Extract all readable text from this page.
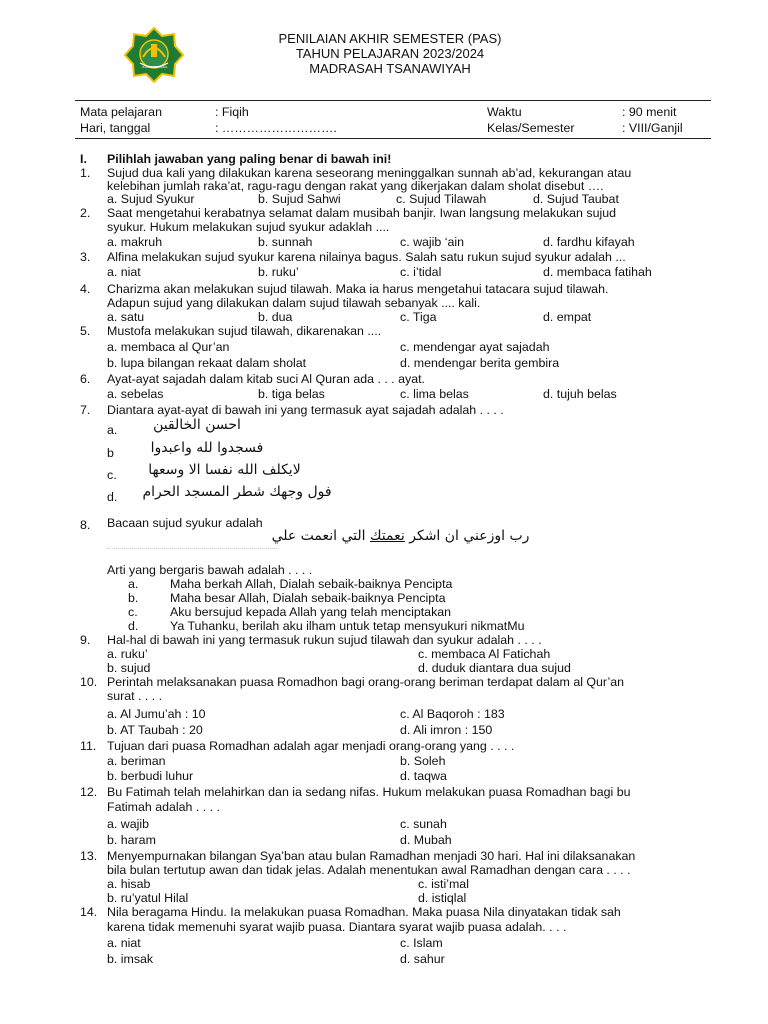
IKHLAS BERAMAL
PENILAIAN AKHIR SEMESTER (PAS)
TAHUN PELAJARAN 2023/2024
MADRASAH TSANAWIYAH
Mata pelajaran	: Fiqih	Waktu	: 90 menit
Hari, tanggal	: ……………………….	Kelas/Semester	: VIII/Ganjil
I. Pilihlah jawaban yang paling benar di bawah ini!
1. Sujud dua kali yang dilakukan karena seseorang meninggalkan sunnah ab’ad, kekurangan atau
kelebihan jumlah raka’at, ragu-ragu dengan rakat yang dikerjakan dalam sholat disebut ….
a. Sujud Syukur	b. Sujud Sahwi	c. Sujud Tilawah	d. Sujud Taubat
2. Saat mengetahui kerabatnya selamat dalam musibah banjir. Iwan langsung melakukan sujud
syukur. Hukum melakukan sujud syukur adaklah ....
a. makruh	b. sunnah	c. wajib ‘ain	d. fardhu kifayah
3. Alfina melakukan sujud syukur karena nilainya bagus. Salah satu rukun sujud syukur adalah ...
a. niat	b. ruku’	c. i’tidal	d. membaca fatihah
4. Charizma akan melakukan sujud tilawah. Maka ia harus mengetahui tatacara sujud tilawah.
Adapun sujud yang dilakukan dalam sujud tilawah sebanyak .... kali.
a. satu	b. dua	c. Tiga	d. empat
5. Mustofa melakukan sujud tilawah, dikarenakan ....
a. membaca al Qur’an	c. mendengar ayat sajadah
b. lupa bilangan rekaat dalam sholat	d. mendengar berita gembira
6. Ayat-ayat sajadah dalam kitab suci Al Quran ada . . . ayat.
a. sebelas	b. tiga belas	c. lima belas	d. tujuh belas
7. Diantara ayat-ayat di bawah ini yang termasuk ayat sajadah adalah . . . .
a.	احسن الخالقين
b	فسجدوا لله واعبدوا
c.	لايكلف الله نفسا الا وسعها
d.	فول وجهك شطر المسجد الحرام
8. Bacaan sujud syukur adalah
رب اوزعني ان اشكر نعمتك التي انعمت علي
Arti yang bergaris bawah adalah . . . .
a.	Maha berkah Allah, Dialah sebaik-baiknya Pencipta
b.	Maha besar Allah, Dialah sebaik-baiknya Pencipta
c.	Aku bersujud kepada Allah yang telah menciptakan
d.	Ya Tuhanku, berilah aku ilham untuk tetap mensyukuri nikmatMu
9. Hal-hal di bawah ini yang termasuk rukun sujud tilawah dan syukur adalah . . . .
a. ruku’	c. membaca Al Fatichah
b. sujud	d. duduk diantara dua sujud
10. Perintah melaksanakan puasa Romadhon bagi orang-orang beriman terdapat dalam al Qur’an
surat . . . .
a. Al Jumu’ah : 10	c. Al Baqoroh : 183
b. AT Taubah : 20	d. Ali imron : 150
11. Tujuan dari puasa Romadhan adalah agar menjadi orang-orang yang . . . .
a. beriman	b. Soleh
b. berbudi luhur	d. taqwa
12. Bu Fatimah telah melahirkan dan ia sedang nifas. Hukum melakukan puasa Romadhan bagi bu
Fatimah adalah . . . .
a. wajib	c. sunah
b. haram	d. Mubah
13. Menyempurnakan bilangan Sya’ban atau bulan Ramadhan menjadi 30 hari. Hal ini dilaksanakan
bila bulan tertutup awan dan tidak jelas. Adalah menentukan awal Ramadhan dengan cara . . . .
a. hisab	c. isti’mal
b. ru’yatul Hilal	d. istiqlal
14. Nila beragama Hindu. Ia melakukan puasa Romadhan. Maka puasa Nila dinyatakan tidak sah
karena tidak memenuhi syarat wajib puasa. Diantara syarat wajib puasa adalah. . . .
a. niat	c. Islam
b. imsak	d. sahur
